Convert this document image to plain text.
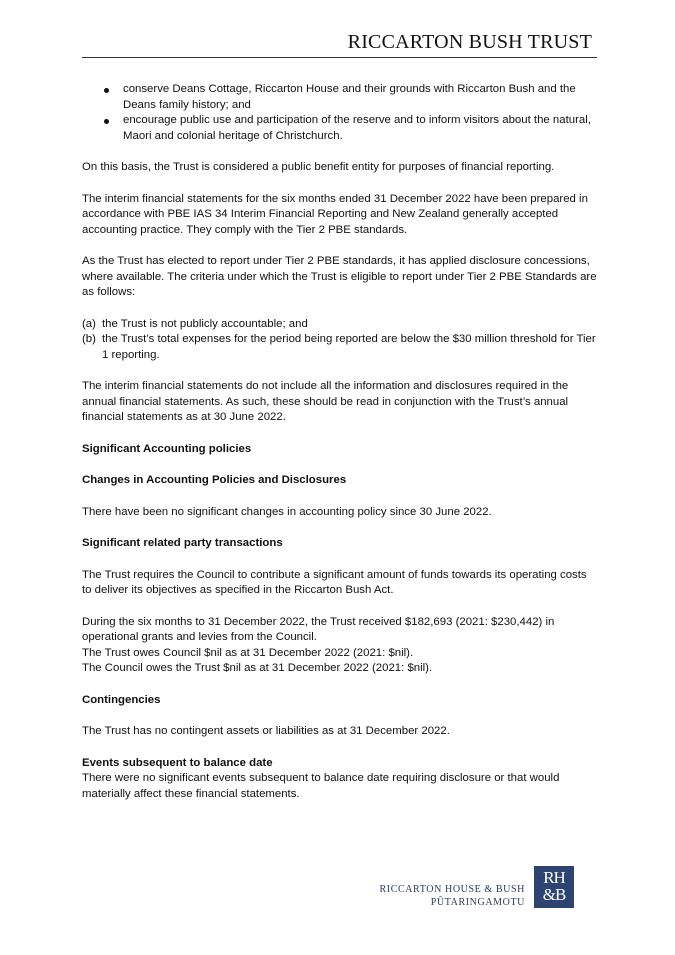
RICCARTON BUSH TRUST
conserve Deans Cottage, Riccarton House and their grounds with Riccarton Bush and the Deans family history; and
encourage public use and participation of the reserve and to inform visitors about the natural, Maori and colonial heritage of Christchurch.

On this basis, the Trust is considered a public benefit entity for purposes of financial reporting.

The interim financial statements for the six months ended 31 December 2022 have been prepared in accordance with PBE IAS 34 Interim Financial Reporting and New Zealand generally accepted accounting practice. They comply with the Tier 2 PBE standards.

As the Trust has elected to report under Tier 2 PBE standards, it has applied disclosure concessions, where available. The criteria under which the Trust is eligible to report under Tier 2 PBE Standards are as follows:

(a) the Trust is not publicly accountable; and
(b) the Trust’s total expenses for the period being reported are below the $30 million threshold for Tier 1 reporting.

The interim financial statements do not include all the information and disclosures required in the annual financial statements. As such, these should be read in conjunction with the Trust’s annual financial statements as at 30 June 2022.

Significant Accounting policies

Changes in Accounting Policies and Disclosures

There have been no significant changes in accounting policy since 30 June 2022.

Significant related party transactions

The Trust requires the Council to contribute a significant amount of funds towards its operating costs to deliver its objectives as specified in the Riccarton Bush Act.

During the six months to 31 December 2022, the Trust received $182,693 (2021: $230,442) in operational grants and levies from the Council.
The Trust owes Council $nil as at 31 December 2022 (2021: $nil).
The Council owes the Trust $nil as at 31 December 2022 (2021: $nil).

Contingencies

The Trust has no contingent assets or liabilities as at 31 December 2022.

Events subsequent to balance date

There were no significant events subsequent to balance date requiring disclosure or that would materially affect these financial statements.

RICCARTON HOUSE & BUSH
PŪTARINGAMOTU
RH
&B
